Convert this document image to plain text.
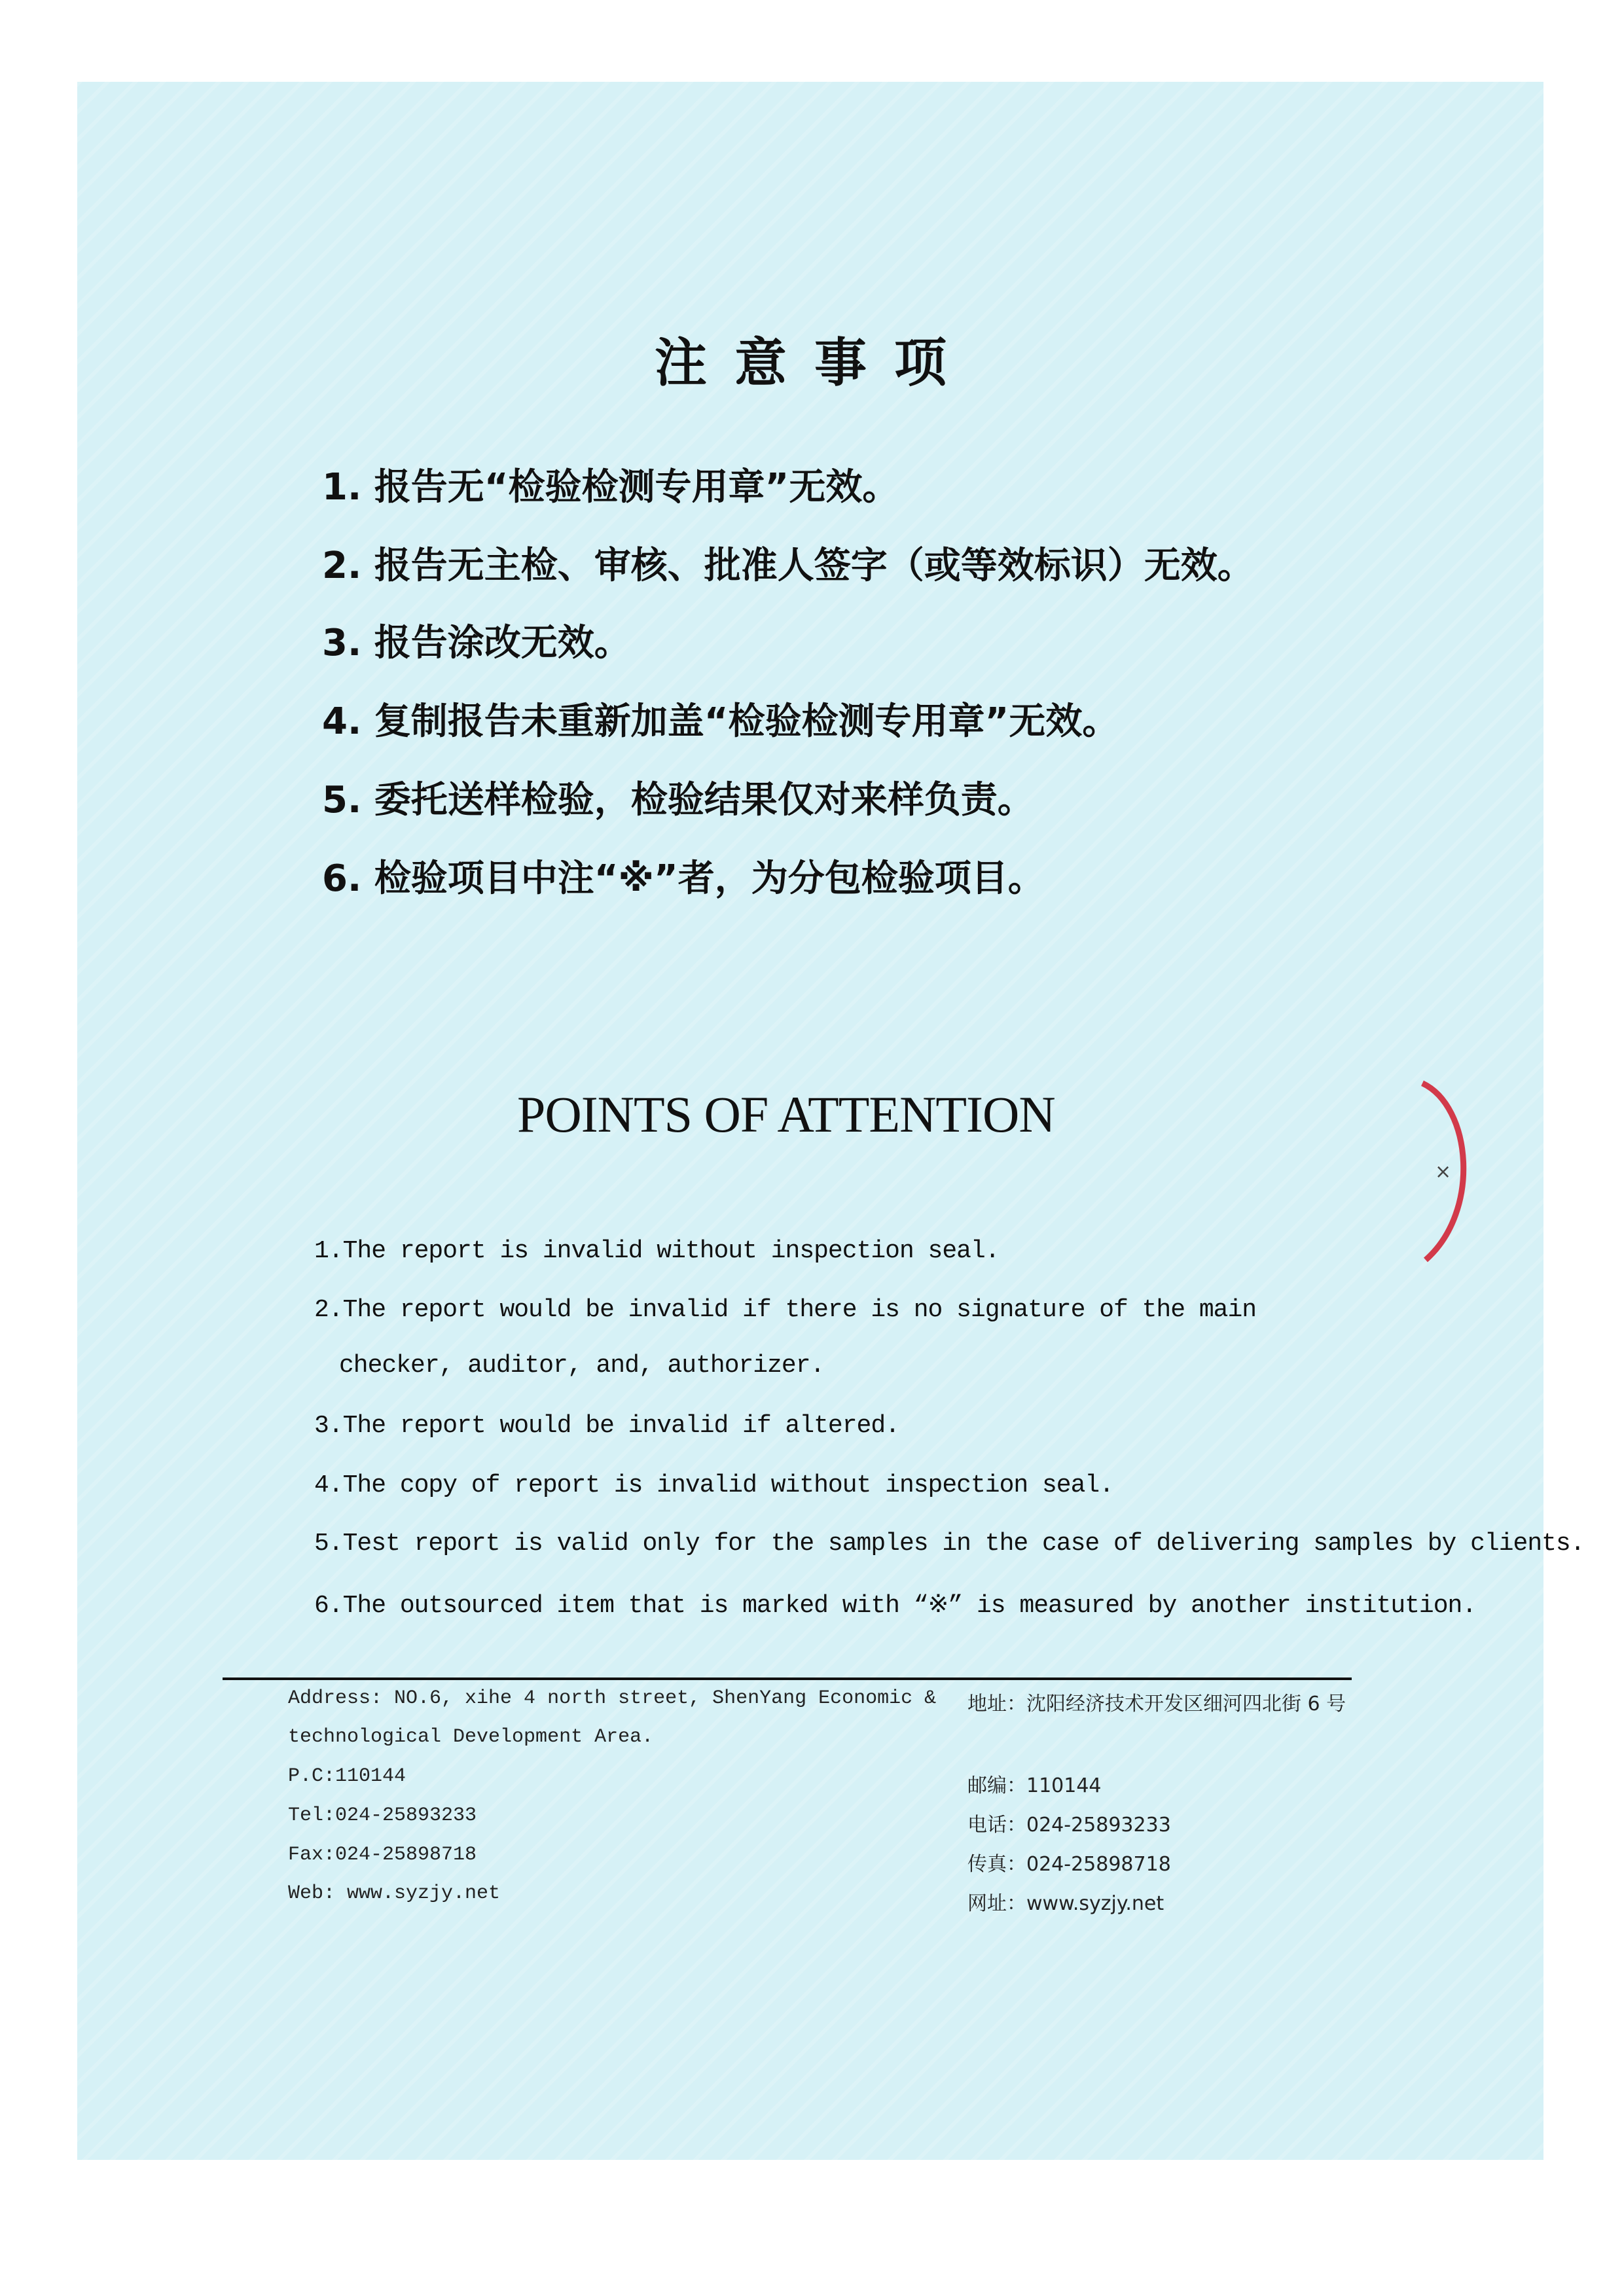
注意事项
1. 报告无“检验检测专用章”无效。
2. 报告无主检、审核、批准人签字（或等效标识）无效。
3. 报告涂改无效。
4. 复制报告未重新加盖“检验检测专用章”无效。
5. 委托送样检验，检验结果仅对来样负责。
6. 检验项目中注“※”者，为分包检验项目。
POINTS OF ATTENTION
1.The report is invalid without inspection seal.
2.The report would be invalid if there is no signature of the main
checker, auditor, and, authorizer.
3.The report would be invalid if altered.
4.The copy of report is invalid without inspection seal.
5.Test report is valid only for the samples in the case of delivering samples by clients.
6.The outsourced item that is marked with “※” is measured by another institution.
Address: NO.6, xihe 4 north street, ShenYang Economic &
technological Development Area.
P.C:110144
Tel:024-25893233
Fax:024-25898718
Web: www.syzjy.net
地址：沈阳经济技术开发区细河四北街 6 号
邮编：110144
电话：024-25893233
传真：024-25898718
网址：www.syzjy.net
×
